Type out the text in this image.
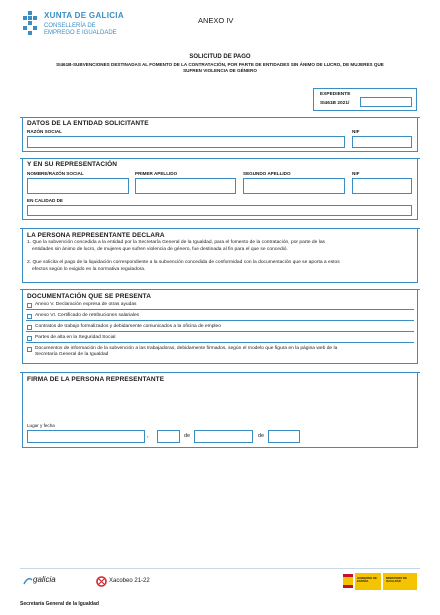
XUNTA DE GALICIA
CONSELLERÍA DE
EMPREGO E IGUALDADE
ANEXO IV
SOLICITUD DE PAGO
SI461B-SUBVENCIONES DESTINADAS AL FOMENTO DE LA CONTRATACIÓN, POR PARTE DE ENTIDADES SIN ÁNIMO DE LUCRO, DE MUJERES QUE
SUFREN VIOLENCIA DE GÉNERO
EXPEDIENTE
SI461B 2021/
DATOS DE LA ENTIDAD SOLICITANTE
RAZÓN SOCIAL	NIF
Y EN SU REPRESENTACIÓN
NOMBRE/RAZÓN SOCIAL	PRIMER APELLIDO	SEGUNDO APELLIDO	NIF
EN CALIDAD DE
LA PERSONA REPRESENTANTE DECLARA
1. Que la subvención concedida a la entidad por la Secretaría General de la Igualdad, para el fomento de la contratación, por parte de las
entidades sin ánimo de lucro, de mujeres que sufren violencia de género, fue destinada al fin para el que se concedió.
2. Que solicita el pago de la liquidación correspondiente a la subvención concedida de conformidad con la documentación que se aporta a estos
efectos según lo exigido en la normativa reguladora.
DOCUMENTACIÓN QUE SE PRESENTA
Anexo V. Declaración expresa de otras ayudas
Anexo VI. Certificado de retribuciones salariales
Contratos de trabajo formalizados y debidamente comunicados a la oficina de empleo
Partes de alta en la Seguridad Social
Documentos de información de la subvención a las trabajadoras, debidamente firmados, según el modelo que figura en la página web de la
Secretaría General de la Igualdad
FIRMA DE LA PERSONA REPRESENTANTE
Lugar y fecha
,	de	de
galicia	Xacobeo 21-22	GOBIERNO DE ESPAÑA
MINISTERIO DE IGUALDAD
Secretaría General de la Igualdad
